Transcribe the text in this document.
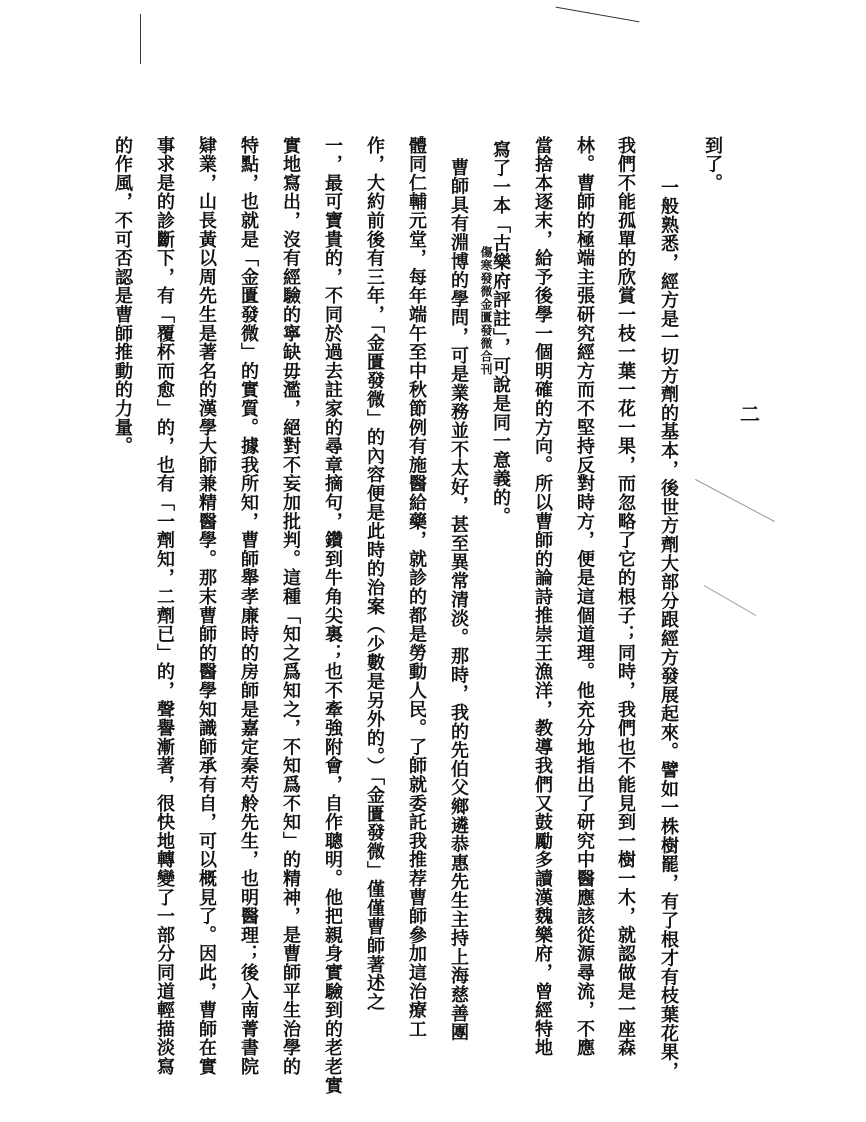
傷寒發微金匱發微合刊
二
到了。
一般熟悉，經方是一切方劑的基本，後世方劑大部分跟經方發展起來。譬如一株樹罷，有了根才有枝葉花果，
我們不能孤單的欣賞一枝一葉一花一果，而忽略了它的根子；同時，我們也不能見到一樹一木，就認做是一座森
林。曹師的極端主張研究經方而不堅持反對時方，便是這個道理。他充分地指出了研究中醫應該從源尋流，不應
當捨本逐末，給予後學一個明確的方向。所以曹師的論詩推崇王漁洋，教導我們又鼓勵多讀漢魏樂府，曾經特地
寫了一本「古樂府評註」，可說是同一意義的。
曹師具有淵博的學問，可是業務並不太好，甚至異常清淡。那時，我的先伯父鄉遴恭惠先生主持上海慈善團
體同仁輔元堂，每年端午至中秋節例有施醫給藥，就診的都是勞動人民。了師就委託我推荐曹師參加這治療工
作，大約前後有三年，「金匱發微」的內容便是此時的治案（少數是另外的。）「金匱發微」僅僅曹師著述之
一，最可寶貴的，不同於過去註家的尋章摘句，鑽到牛角尖裏；也不牽強附會，自作聰明。他把親身實驗到的老老實
實地寫出，沒有經驗的寧缺毋濫，絕對不妄加批判。這種「知之爲知之，不知爲不知」的精神，是曹師平生治學的
特點，也就是「金匱發微」的實質。據我所知，曹師舉孝廉時的房師是嘉定秦芍舲先生，也明醫理；後入南菁書院
肄業，山長黃以周先生是著名的漢學大師兼精醫學。那末曹師的醫學知識師承有自，可以概見了。因此，曹師在實
事求是的診斷下，有「覆杯而愈」的，也有「一劑知，二劑已」的，聲譽漸著，很快地轉變了一部分同道輕描淡寫
的作風，不可否認是曹師推動的力量。
